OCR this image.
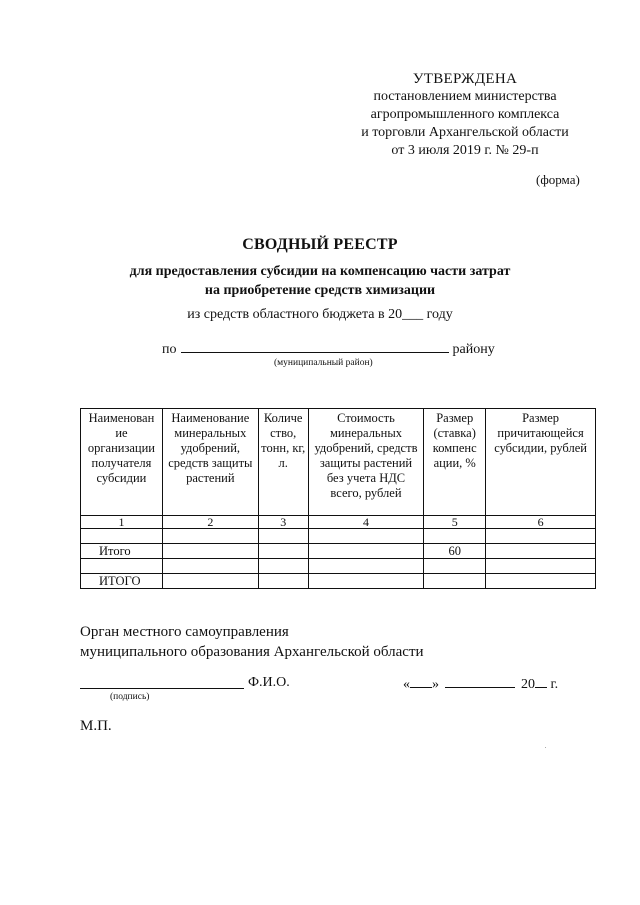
УТВЕРЖДЕНА
постановлением министерства
агропромышленного комплекса
и торговли Архангельской области
от 3 июля 2019 г. № 29-п
(форма)
СВОДНЫЙ РЕЕСТР
для предоставления субсидии на компенсацию части затрат
на приобретение средств химизации
из средств областного бюджета в 20___ году
по	району
(муниципальный район)
Наименован ие организации получателя субсидии	Наименование минеральных удобрений, средств защиты растений	Количе ство, тонн, кг, л.	Стоимость минеральных удобрений, средств защиты растений без учета НДС всего, рублей	Размер (ставка) компенс ации, %	Размер причитающейся субсидии, рублей
1	2	3	4	5	6

Итого				60	

ИТОГО					
Орган местного самоуправления
муниципального образования Архангельской области
Ф.И.О.
(подпись)
« »	20 г.
М.П.
